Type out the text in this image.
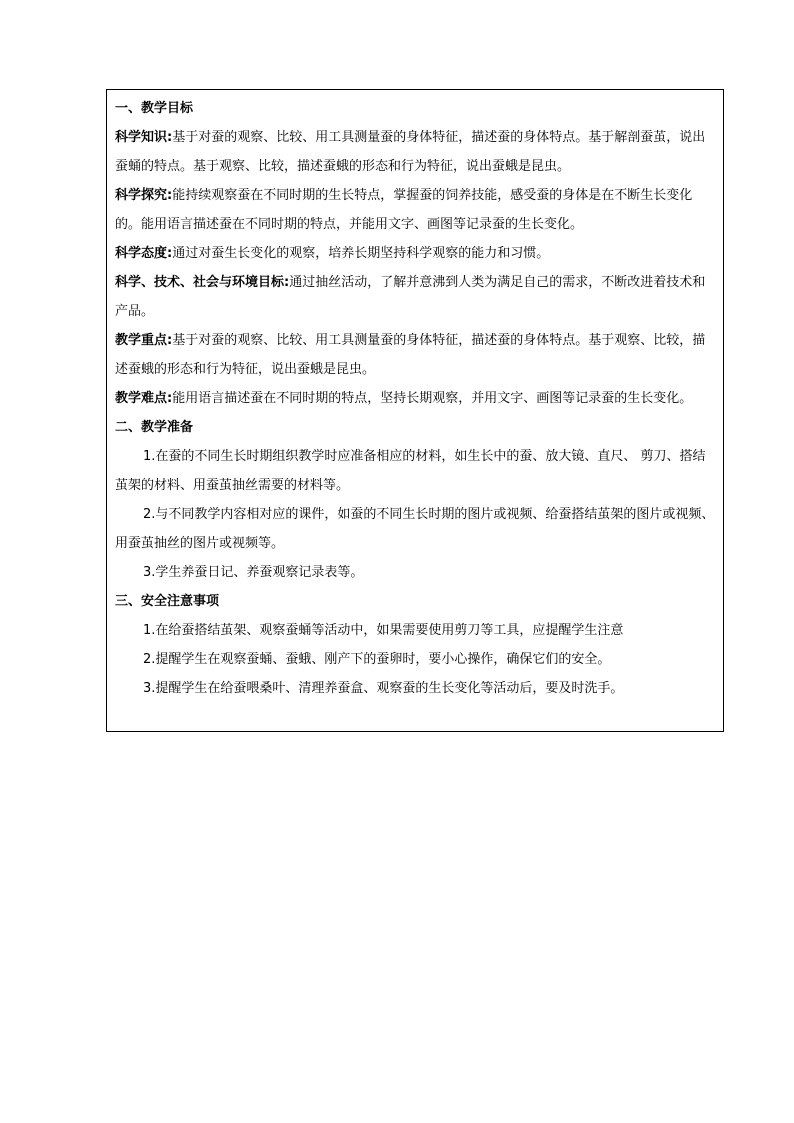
一、教学目标

科学知识:基于对蚕的观察、比较、用工具测量蚕的身体特征，描述蚕的身体特点。基于解剖蚕茧，说出蚕蛹的特点。基于观察、比较，描述蚕蛾的形态和行为特征，说出蚕蛾是昆虫。

科学探究:能持续观察蚕在不同时期的生长特点，掌握蚕的饲养技能，感受蚕的身体是在不断生长变化的。能用语言描述蚕在不同时期的特点，并能用文字、画图等记录蚕的生长变化。

科学态度:通过对蚕生长变化的观察，培养长期坚持科学观察的能力和习惯。

科学、技术、社会与环境目标:通过抽丝活动，了解并意沸到人类为满足自己的需求，不断改进着技术和产品。

教学重点:基于对蚕的观察、比较、用工具测量蚕的身体特征，描述蚕的身体特点。基于观察、比较，描述蚕蛾的形态和行为特征，说出蚕蛾是昆虫。

教学难点:能用语言描述蚕在不同时期的特点，坚持长期观察，并用文字、画图等记录蚕的生长变化。

二、教学准备

1.在蚕的不同生长时期组织教学时应准备相应的材料，如生长中的蚕、放大镜、直尺、 剪刀、搭结茧架的材料、用蚕茧抽丝需要的材料等。

2.与不同教学内容相对应的课件，如蚕的不同生长时期的图片或视频、给蚕搭结茧架的图片或视频、用蚕茧抽丝的图片或视频等。

3.学生养蚕日记、养蚕观察记录表等。

三、安全注意事项

1.在给蚕搭结茧架、观察蚕蛹等活动中，如果需要使用剪刀等工具，应提醒学生注意

2.提醒学生在观察蚕蛹、蚕蛾、刚产下的蚕卵时，要小心操作，确保它们的安全。

3.提醒学生在给蚕喂桑叶、清理养蚕盒、观察蚕的生长变化等活动后，要及时洗手。
